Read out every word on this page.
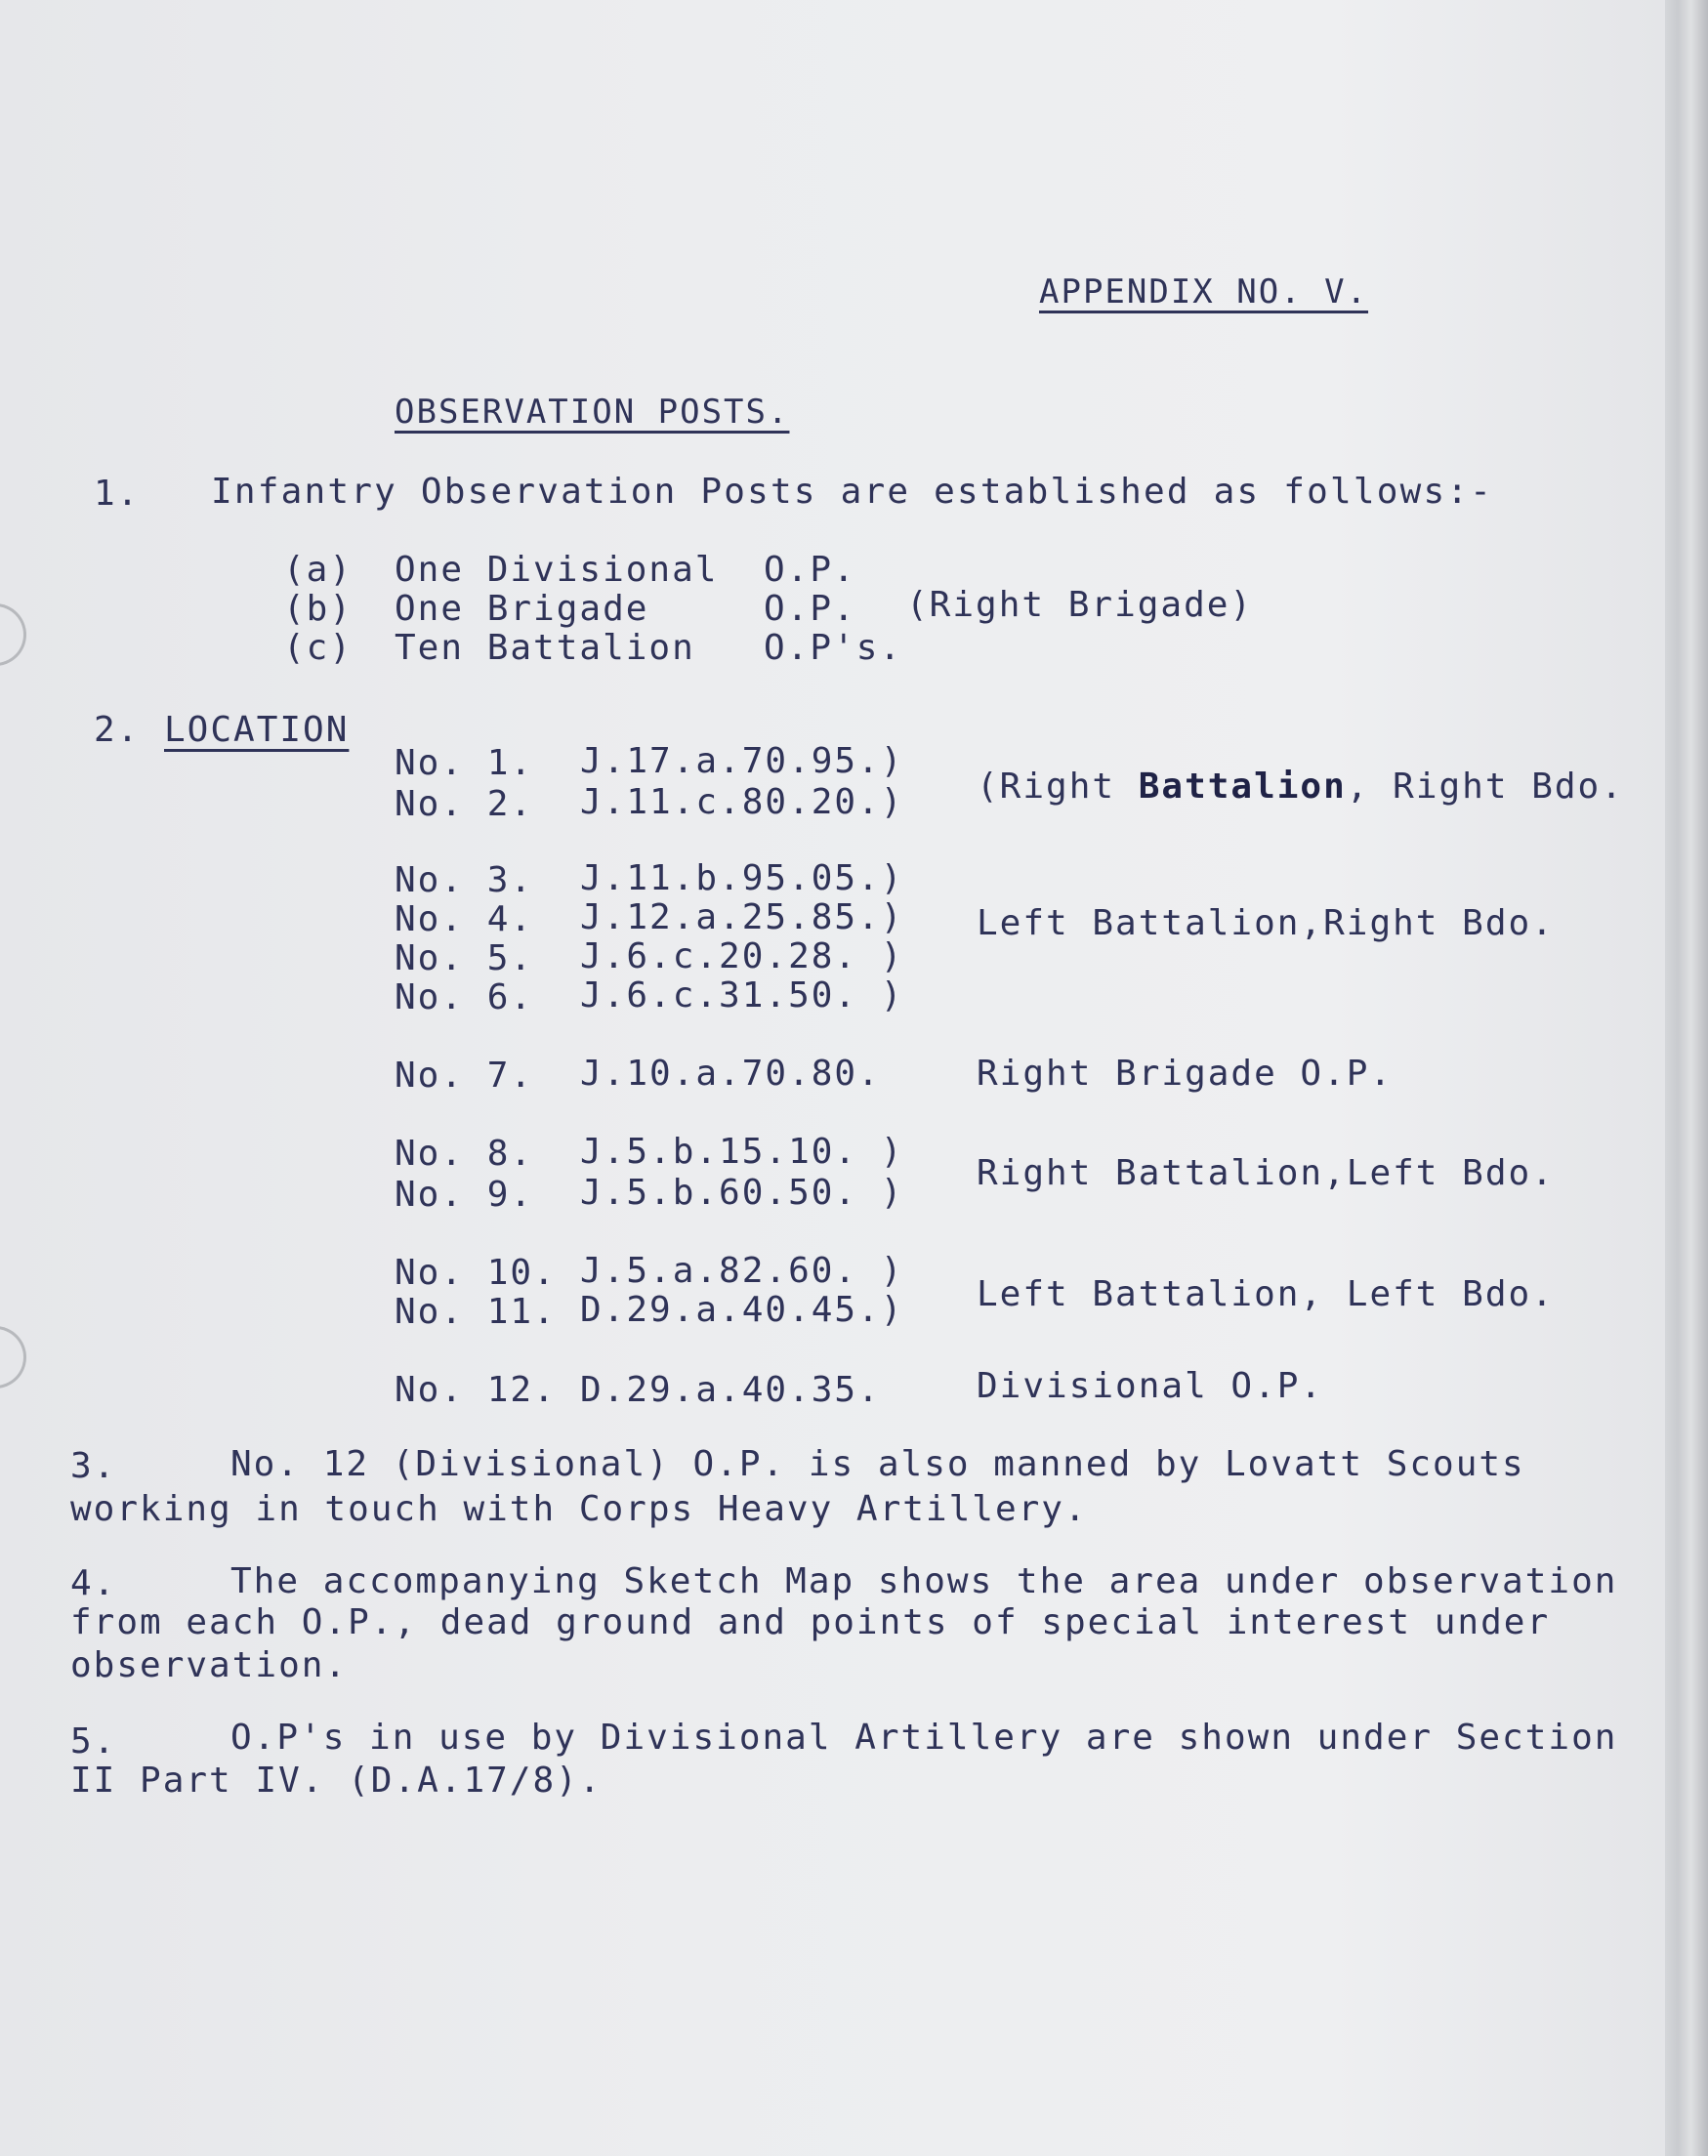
APPENDIX NO. V.
OBSERVATION POSTS.
1. Infantry Observation Posts are established as follows:-
(a) One Divisional O.P.
(b) One Brigade	O.P. (Right Brigade)
(c) Ten Battalion O.P's.
2. LOCATION
No. 1. J.17.a.70.95.)
No. 2. J.11.c.80.20.) (Right Battalion, Right Bdo.
No. 3. J.11.b.95.05.)
No. 4. J.12.a.25.85.)
No. 5. J.6.c.20.28. )
No. 6. J.6.c.31.50. )
Left Battalion,Right Bdo.
No. 7. J.10.a.70.80.	Right Brigade O.P.
No. 8. J.5.b.15.10. )
No. 9. J.5.b.60.50. ) Right Battalion,Left Bdo.
No. 10. J.5.a.82.60. )
No. 11. D.29.a.40.45.) Left Battalion, Left Bdo.
No. 12. D.29.a.40.35.	Divisional O.P.
3.	No. 12 (Divisional) O.P. is also manned by Lovatt Scouts
working in touch with Corps Heavy Artillery.
4.	The accompanying Sketch Map shows the area under observation
from each O.P., dead ground and points of special interest under
observation.
5.	O.P's in use by Divisional Artillery are shown under Section
II Part IV. (D.A.17/8).
